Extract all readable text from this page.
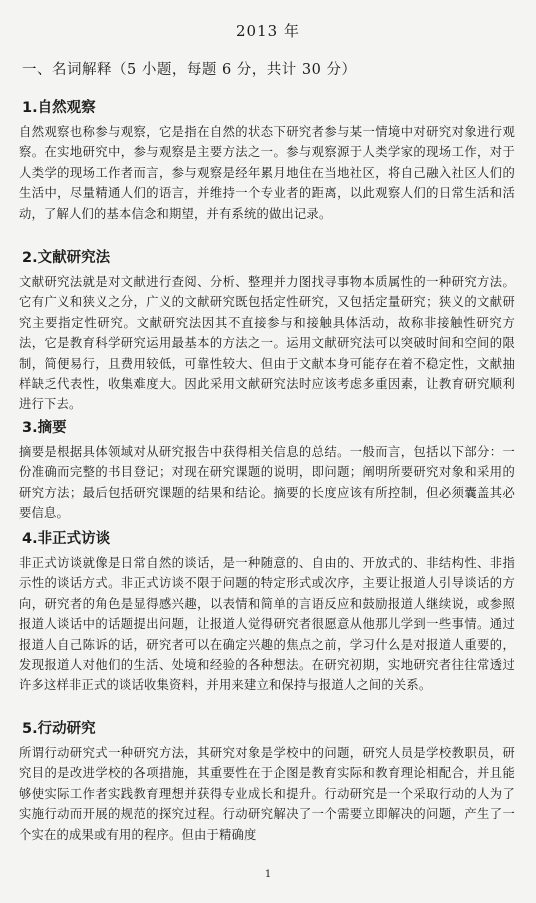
2013 年
一、名词解释（5 小题，每题 6 分，共计 30 分）
1.自然观察

自然观察也称参与观察，它是指在自然的状态下研究者参与某一情境中对研究对象进行观察。在实地研究中，参与观察是主要方法之一。参与观察源于人类学家的现场工作，对于人类学的现场工作者而言，参与观察是经年累月地住在当地社区，将自己融入社区人们的生活中，尽量精通人们的语言，并维持一个专业者的距离，以此观察人们的日常生活和活动，了解人们的基本信念和期望，并有系统的做出记录。

2.文献研究法

文献研究法就是对文献进行查阅、分析、整理并力图找寻事物本质属性的一种研究方法。它有广义和狭义之分，广义的文献研究既包括定性研究，又包括定量研究；狭义的文献研究主要指定性研究。文献研究法因其不直接参与和接触具体活动，故称非接触性研究方法，它是教育科学研究运用最基本的方法之一。运用文献研究法可以突破时间和空间的限制，简便易行，且费用较低，可靠性较大、但由于文献本身可能存在着不稳定性，文献抽样缺乏代表性，收集难度大。因此采用文献研究法时应该考虑多重因素，让教育研究顺利进行下去。

3.摘要

摘要是根据具体领域对从研究报告中获得相关信息的总结。一般而言，包括以下部分：一份准确而完整的书目登记；对现在研究课题的说明，即问题；阐明所要研究对象和采用的研究方法；最后包括研究课题的结果和结论。摘要的长度应该有所控制，但必须囊盖其必要信息。

4.非正式访谈

非正式访谈就像是日常自然的谈话，是一种随意的、自由的、开放式的、非结构性、非指示性的谈话方式。非正式访谈不限于问题的特定形式或次序，主要让报道人引导谈话的方向，研究者的角色是显得感兴趣，以表情和简单的言语反应和鼓励报道人继续说，或参照报道人谈话中的话题提出问题，让报道人觉得研究者很愿意从他那儿学到一些事情。通过报道人自己陈诉的话，研究者可以在确定兴趣的焦点之前，学习什么是对报道人重要的，发现报道人对他们的生活、处境和经验的各种想法。在研究初期，实地研究者往往常透过许多这样非正式的谈话收集资料，并用来建立和保持与报道人之间的关系。

5.行动研究

所谓行动研究式一种研究方法，其研究对象是学校中的问题，研究人员是学校教职员，研究目的是改进学校的各项措施，其重要性在于企图是教育实际和教育理论相配合，并且能够使实际工作者实践教育理想并获得专业成长和提升。行动研究是一个采取行动的人为了实施行动而开展的规范的探究过程。行动研究解决了一个需要立即解决的问题，产生了一个实在的成果或有用的程序。但由于精确度

1
